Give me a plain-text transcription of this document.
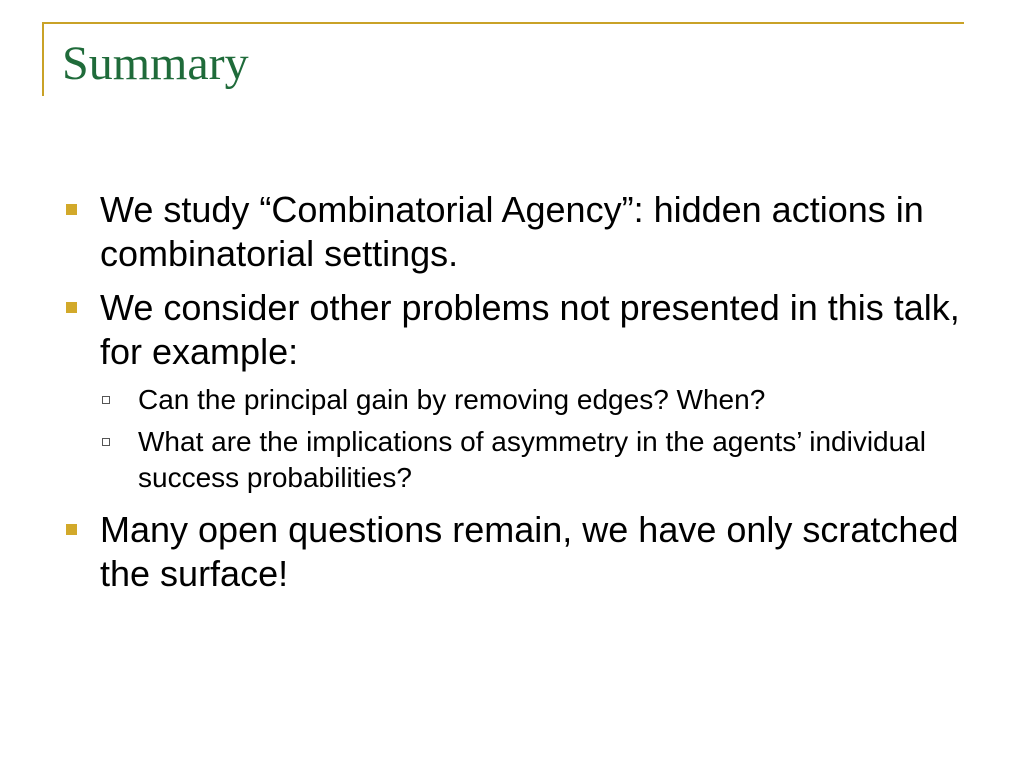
Summary
We study “Combinatorial Agency”: hidden actions in combinatorial settings.
We consider other problems not presented in this talk, for example:
Can the principal gain by removing edges? When?
What are the implications of asymmetry in the agents’ individual success probabilities?
Many open questions remain, we have only scratched the surface!
